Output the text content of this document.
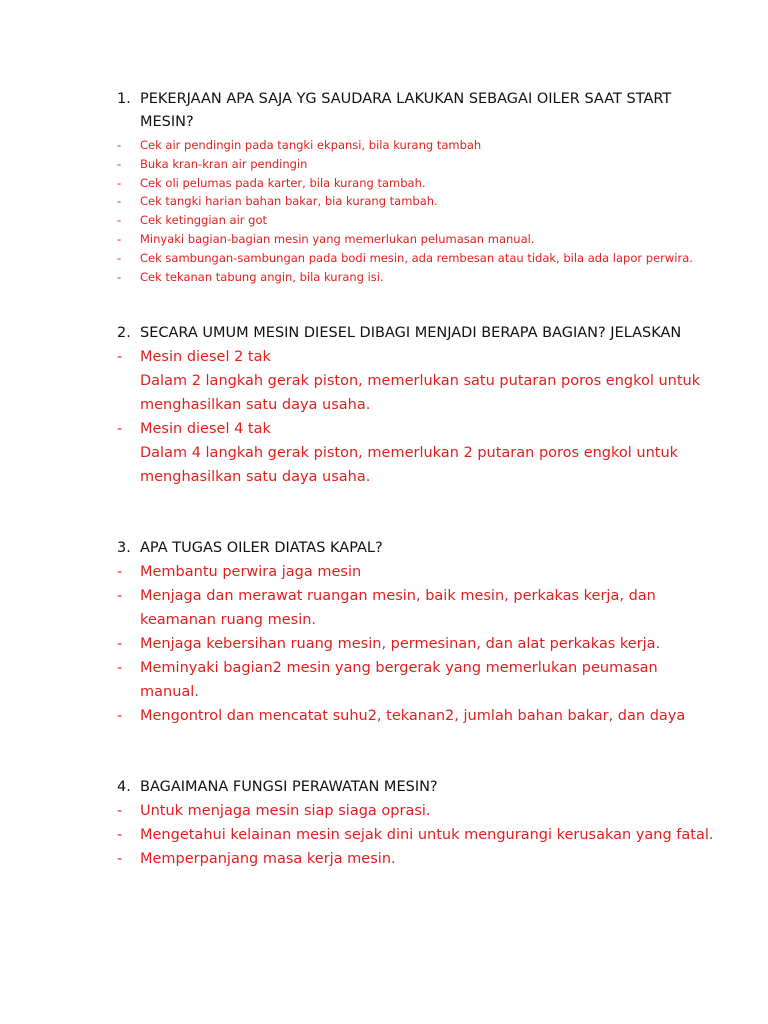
1. PEKERJAAN APA SAJA YG SAUDARA LAKUKAN SEBAGAI OILER SAAT START MESIN?
-	Cek air pendingin pada tangki ekpansi, bila kurang tambah
-	Buka kran-kran air pendingin
-	Cek oli pelumas pada karter, bila kurang tambah.
-	Cek tangki harian bahan bakar, bia kurang tambah.
-	Cek ketinggian air got
-	Minyaki bagian-bagian mesin yang memerlukan pelumasan manual.
-	Cek sambungan-sambungan pada bodi mesin, ada rembesan atau tidak, bila ada lapor perwira.
-	Cek tekanan tabung angin, bila kurang isi.
2. SECARA UMUM MESIN DIESEL DIBAGI MENJADI BERAPA BAGIAN? JELASKAN
-	Mesin diesel 2 tak
Dalam 2 langkah gerak piston, memerlukan satu putaran poros engkol untuk menghasilkan satu daya usaha.
-	Mesin diesel 4 tak
Dalam 4 langkah gerak piston, memerlukan 2 putaran poros engkol untuk menghasilkan satu daya usaha.
3. APA TUGAS OILER DIATAS KAPAL?
-	Membantu perwira jaga mesin
-	Menjaga dan merawat ruangan mesin, baik mesin, perkakas kerja, dan keamanan ruang mesin.
-	Menjaga kebersihan ruang mesin, permesinan, dan alat perkakas kerja.
-	Meminyaki bagian2 mesin yang bergerak yang memerlukan peumasan manual.
-	Mengontrol dan mencatat suhu2, tekanan2, jumlah bahan bakar, dan daya
4. BAGAIMANA FUNGSI PERAWATAN MESIN?
-	Untuk menjaga mesin siap siaga oprasi.
-	Mengetahui kelainan mesin sejak dini untuk mengurangi kerusakan yang fatal.
-	Memperpanjang masa kerja mesin.
